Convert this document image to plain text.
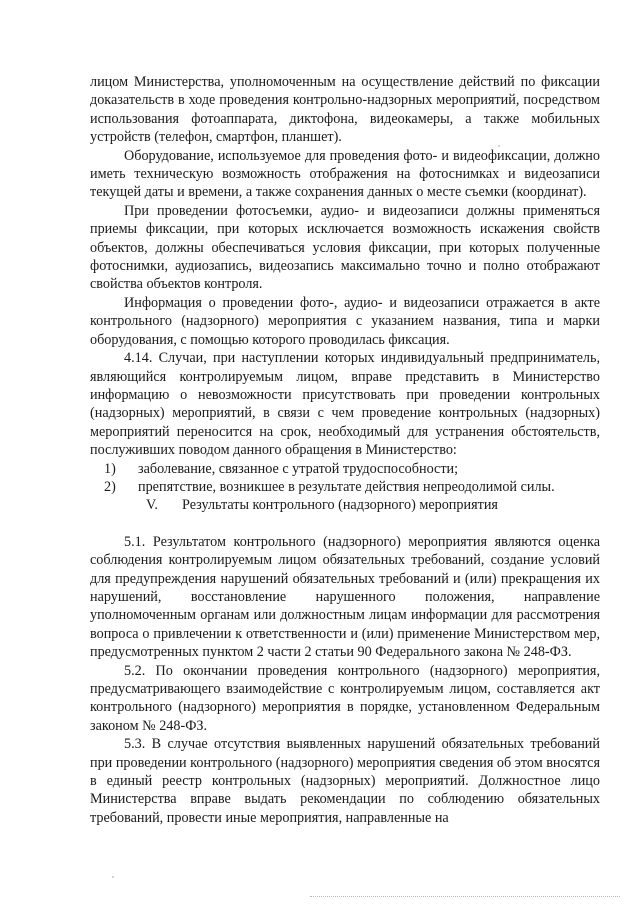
лицом Министерства, уполномоченным на осуществление действий по фиксации доказательств в ходе проведения контрольно-надзорных мероприятий, посредством использования фотоаппарата, диктофона, видеокамеры, а также мобильных устройств (телефон, смартфон, планшет).

Оборудование, используемое для проведения фото- и видеофиксации, должно иметь техническую возможность отображения на фотоснимках и видеозаписи текущей даты и времени, а также сохранения данных о месте съемки (координат).

При проведении фотосъемки, аудио- и видеозаписи должны применяться приемы фиксации, при которых исключается возможность искажения свойств объектов, должны обеспечиваться условия фиксации, при которых полученные фотоснимки, аудиозапись, видеозапись максимально точно и полно отображают свойства объектов контроля.

Информация о проведении фото-, аудио- и видеозаписи отражается в акте контрольного (надзорного) мероприятия с указанием названия, типа и марки оборудования, с помощью которого проводилась фиксация.

4.14. Случаи, при наступлении которых индивидуальный предприниматель, являющийся контролируемым лицом, вправе представить в Министерство информацию о невозможности присутствовать при проведении контрольных (надзорных) мероприятий, в связи с чем проведение контрольных (надзорных) мероприятий переносится на срок, необходимый для устранения обстоятельств, послуживших поводом данного обращения в Министерство:

1)	заболевание, связанное с утратой трудоспособности;
2)	препятствие, возникшее в результате действия непреодолимой силы.
V. Результаты контрольного (надзорного) мероприятия

5.1. Результатом контрольного (надзорного) мероприятия являются оценка соблюдения контролируемым лицом обязательных требований, создание условий для предупреждения нарушений обязательных требований и (или) прекращения их нарушений, восстановление нарушенного положения, направление уполномоченным органам или должностным лицам информации для рассмотрения вопроса о привлечении к ответственности и (или) применение Министерством мер, предусмотренных пунктом 2 части 2 статьи 90 Федерального закона № 248-ФЗ.

5.2. По окончании проведения контрольного (надзорного) мероприятия, предусматривающего взаимодействие с контролируемым лицом, составляется акт контрольного (надзорного) мероприятия в порядке, установленном Федеральным законом № 248-ФЗ.

5.3. В случае отсутствия выявленных нарушений обязательных требований при проведении контрольного (надзорного) мероприятия сведения об этом вносятся в единый реестр контрольных (надзорных) мероприятий. Должностное лицо Министерства вправе выдать рекомендации по соблюдению обязательных требований, провести иные мероприятия, направленные на
